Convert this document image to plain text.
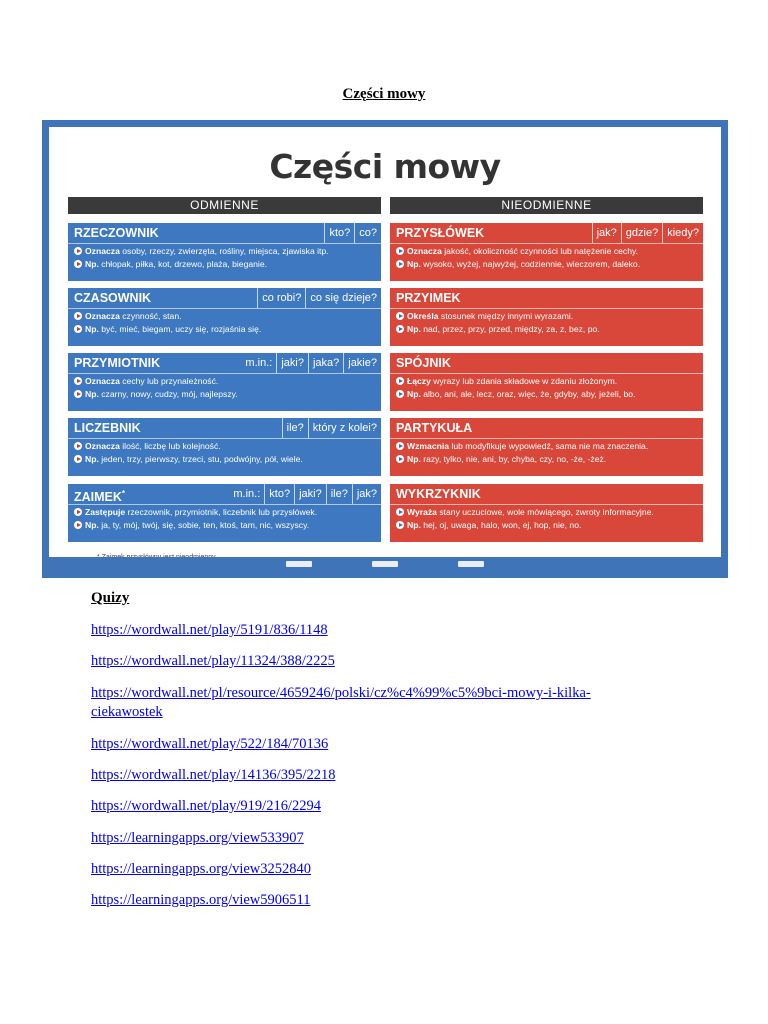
Części mowy
Części mowy
ODMIENNE	NIEODMIENNE
RZECZOWNIK	kto? co?
Oznacza osoby, rzeczy, zwierzęta, rośliny, miejsca, zjawiska itp.
Np. chłopak, piłka, kot, drzewo, plaża, bieganie.
CZASOWNIK	co robi? co się dzieje?
Oznacza czynność, stan.
Np. być, mieć, biegam, uczy się, rozjaśnia się.
PRZYMIOTNIK	m.in.: jaki? jaka? jakie?
Oznacza cechy lub przynależność.
Np. czarny, nowy, cudzy, mój, najlepszy.
LICZEBNIK	ile? który z kolei?
Oznacza ilość, liczbę lub kolejność.
Np. jeden, trzy, pierwszy, trzeci, stu, podwójny, pół, wiele.
ZAIMEK*	m.in.: kto? jaki? ile? jak?
Zastępuje rzeczownik, przymiotnik, liczebnik lub przysłówek.
Np. ja, ty, mój, twój, się, sobie, ten, ktoś, tam, nic, wszyscy.
PRZYSŁÓWEK	jak? gdzie? kiedy?
Oznacza jakość, okoliczność czynności lub natężenie cechy.
Np. wysoko, wyżej, najwyżej, codziennie, wieczorem, daleko.
PRZYIMEK
Określa stosunek między innymi wyrazami.
Np. nad, przez, przy, przed, między, za, z, bez, po.
SPÓJNIK
Łączy wyrazy lub zdania składowe w zdaniu złożonym.
Np. albo, ani, ale, lecz, oraz, więc, że, gdyby, aby, jeżeli, bo.
PARTYKUŁA
Wzmacnia lub modyfikuje wypowiedź, sama nie ma znaczenia.
Np. razy, tylko, nie, ani, by, chyba, czy, no, -że, -żeż.
WYKRZYKNIK
Wyraża stany uczuciowe, wole mówiącego, zwroty informacyjne.
Np. hej, oj, uwaga, halo, won, ej, hop, nie, no.
Quizy
https://wordwall.net/play/5191/836/1148
https://wordwall.net/play/11324/388/2225
https://wordwall.net/pl/resource/4659246/polski/cz%c4%99%c5%9bci-mowy-i-kilka-
ciekawostek
https://wordwall.net/play/522/184/70136
https://wordwall.net/play/14136/395/2218
https://wordwall.net/play/919/216/2294
https://learningapps.org/view533907
https://learningapps.org/view3252840
https://learningapps.org/view5906511
